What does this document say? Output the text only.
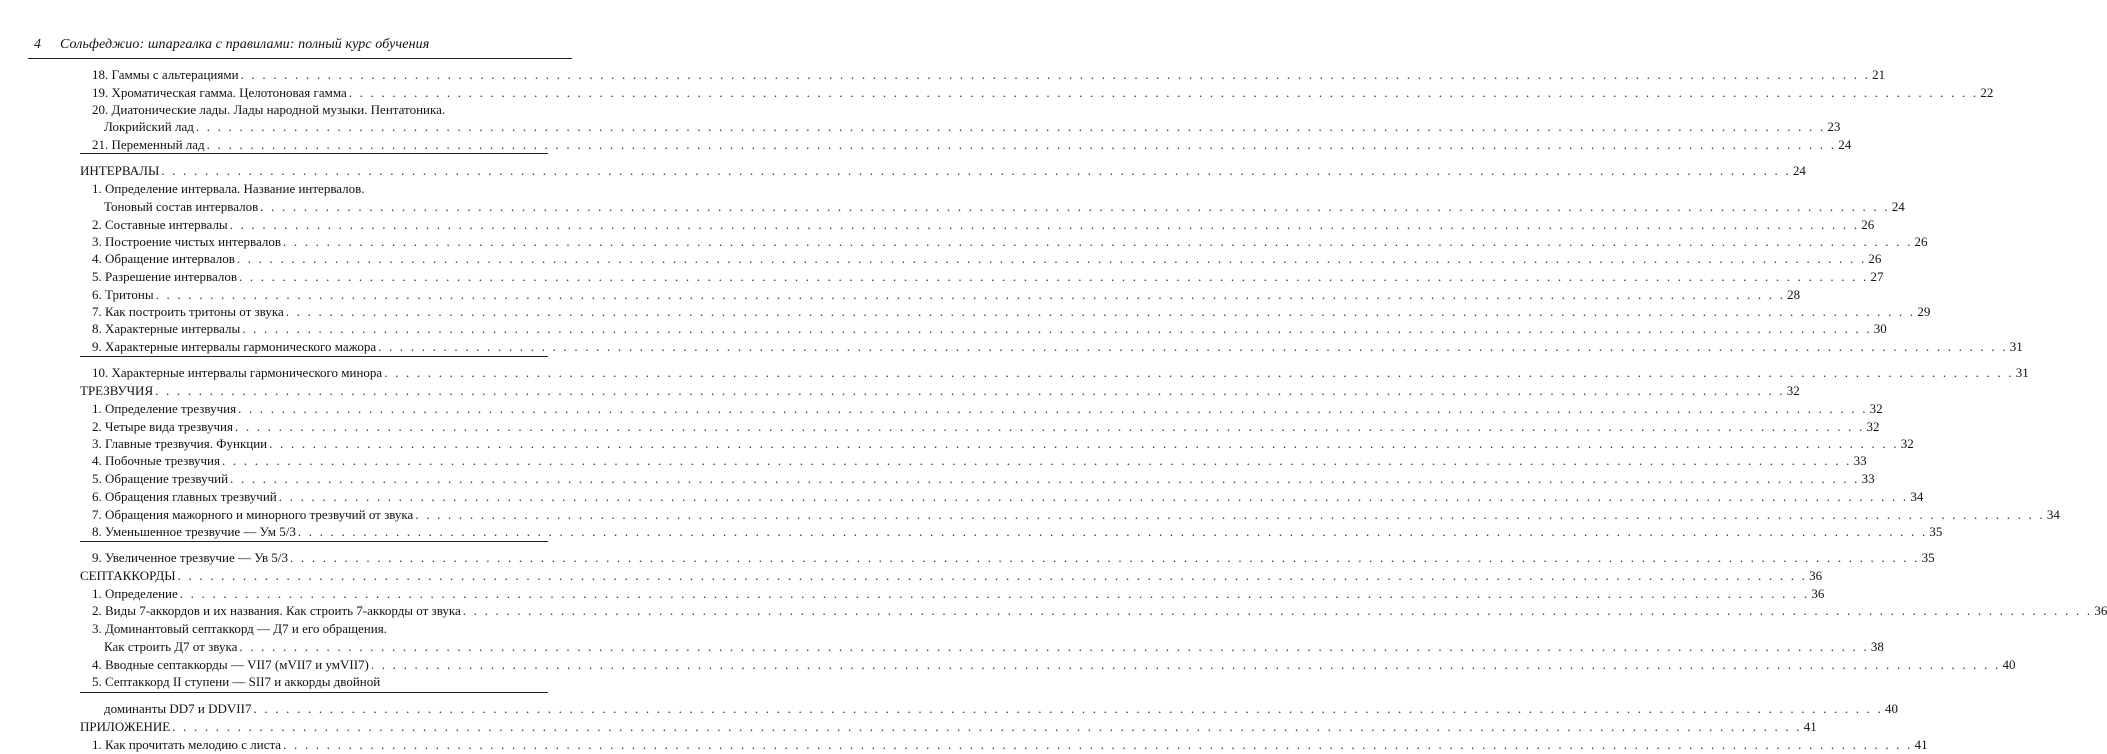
4 Сольфеджио: шпаргалка с правилами: полный курс обучения
18. Гаммы с альтерациями . . . . . . . . . . . . . . . . . . . . . . . . . . . . . . . . . . . . . . . . . . . . . . . . . . . . . . . . . . . . . . . . . . . . . . . . . . . . . . . . . . . . . . . . . . . . . . . . . . . . . . . . . . . . . . . . . . . . . . . . . . . . . . . . . . . . . . . . . . . . . . . . . . . . . . 21
19. Хроматическая гамма. Целотоновая гамма . . . . . . . . . . . . . . . . . . . . . . . . . . . . . . . . . . . . . . . . . . . . . . . . . . . . . . . . . . . . . . . . . . . . . . . . . . . . . . . . . . . . . . . . . . . . . . . . . . . . . . . . . . . . . . . . . . . . . . . . . . . . . . . . . . . . . . . . . . . . . . . . . . . . . . 22
20. Диатонические лады. Лады народной музыки. Пентатоника.
Локрийский лад . . . . . . . . . . . . . . . . . . . . . . . . . . . . . . . . . . . . . . . . . . . . . . . . . . . . . . . . . . . . . . . . . . . . . . . . . . . . . . . . . . . . . . . . . . . . . . . . . . . . . . . . . . . . . . . . . . . . . . . . . . . . . . . . . . . . . . . . . . . . . . . . . . . . . . 23
21. Переменный лад . . . . . . . . . . . . . . . . . . . . . . . . . . . . . . . . . . . . . . . . . . . . . . . . . . . . . . . . . . . . . . . . . . . . . . . . . . . . . . . . . . . . . . . . . . . . . . . . . . . . . . . . . . . . . . . . . . . . . . . . . . . . . . . . . . . . . . . . . . . . . . . . . . . . . . 24
ИНТЕРВАЛЫ . . . . . . . . . . . . . . . . . . . . . . . . . . . . . . . . . . . . . . . . . . . . . . . . . . . . . . . . . . . . . . . . . . . . . . . . . . . . . . . . . . . . . . . . . . . . . . . . . . . . . . . . . . . . . . . . . . . . . . . . . . . . . . . . . . . . . . . . . . . . . . . . . . . . . . 24
1. Определение интервала. Название интервалов.
Тоновый состав интервалов . . . . . . . . . . . . . . . . . . . . . . . . . . . . . . . . . . . . . . . . . . . . . . . . . . . . . . . . . . . . . . . . . . . . . . . . . . . . . . . . . . . . . . . . . . . . . . . . . . . . . . . . . . . . . . . . . . . . . . . . . . . . . . . . . . . . . . . . . . . . . . . . . . . . . . 24
2. Составные интервалы . . . . . . . . . . . . . . . . . . . . . . . . . . . . . . . . . . . . . . . . . . . . . . . . . . . . . . . . . . . . . . . . . . . . . . . . . . . . . . . . . . . . . . . . . . . . . . . . . . . . . . . . . . . . . . . . . . . . . . . . . . . . . . . . . . . . . . . . . . . . . . . . . . . . . . 26
3. Построение чистых интервалов . . . . . . . . . . . . . . . . . . . . . . . . . . . . . . . . . . . . . . . . . . . . . . . . . . . . . . . . . . . . . . . . . . . . . . . . . . . . . . . . . . . . . . . . . . . . . . . . . . . . . . . . . . . . . . . . . . . . . . . . . . . . . . . . . . . . . . . . . . . . . . . . . . . . . . 26
4. Обращение интервалов . . . . . . . . . . . . . . . . . . . . . . . . . . . . . . . . . . . . . . . . . . . . . . . . . . . . . . . . . . . . . . . . . . . . . . . . . . . . . . . . . . . . . . . . . . . . . . . . . . . . . . . . . . . . . . . . . . . . . . . . . . . . . . . . . . . . . . . . . . . . . . . . . . . . . . 26
5. Разрешение интервалов . . . . . . . . . . . . . . . . . . . . . . . . . . . . . . . . . . . . . . . . . . . . . . . . . . . . . . . . . . . . . . . . . . . . . . . . . . . . . . . . . . . . . . . . . . . . . . . . . . . . . . . . . . . . . . . . . . . . . . . . . . . . . . . . . . . . . . . . . . . . . . . . . . . . . . 27
6. Тритоны . . . . . . . . . . . . . . . . . . . . . . . . . . . . . . . . . . . . . . . . . . . . . . . . . . . . . . . . . . . . . . . . . . . . . . . . . . . . . . . . . . . . . . . . . . . . . . . . . . . . . . . . . . . . . . . . . . . . . . . . . . . . . . . . . . . . . . . . . . . . . . . . . . . . . . 28
7. Как построить тритоны от звука . . . . . . . . . . . . . . . . . . . . . . . . . . . . . . . . . . . . . . . . . . . . . . . . . . . . . . . . . . . . . . . . . . . . . . . . . . . . . . . . . . . . . . . . . . . . . . . . . . . . . . . . . . . . . . . . . . . . . . . . . . . . . . . . . . . . . . . . . . . . . . . . . . . . . . 29
8. Характерные интервалы . . . . . . . . . . . . . . . . . . . . . . . . . . . . . . . . . . . . . . . . . . . . . . . . . . . . . . . . . . . . . . . . . . . . . . . . . . . . . . . . . . . . . . . . . . . . . . . . . . . . . . . . . . . . . . . . . . . . . . . . . . . . . . . . . . . . . . . . . . . . . . . . . . . . . . 30
9. Характерные интервалы гармонического мажора . . . . . . . . . . . . . . . . . . . . . . . . . . . . . . . . . . . . . . . . . . . . . . . . . . . . . . . . . . . . . . . . . . . . . . . . . . . . . . . . . . . . . . . . . . . . . . . . . . . . . . . . . . . . . . . . . . . . . . . . . . . . . . . . . . . . . . . . . . . . . . . . . . . . . . 31
10. Характерные интервалы гармонического минора . . . . . . . . . . . . . . . . . . . . . . . . . . . . . . . . . . . . . . . . . . . . . . . . . . . . . . . . . . . . . . . . . . . . . . . . . . . . . . . . . . . . . . . . . . . . . . . . . . . . . . . . . . . . . . . . . . . . . . . . . . . . . . . . . . . . . . . . . . . . . . . . . . . . . . 31
ТРЕЗВУЧИЯ . . . . . . . . . . . . . . . . . . . . . . . . . . . . . . . . . . . . . . . . . . . . . . . . . . . . . . . . . . . . . . . . . . . . . . . . . . . . . . . . . . . . . . . . . . . . . . . . . . . . . . . . . . . . . . . . . . . . . . . . . . . . . . . . . . . . . . . . . . . . . . . . . . . . . . 32
1. Определение трезвучия . . . . . . . . . . . . . . . . . . . . . . . . . . . . . . . . . . . . . . . . . . . . . . . . . . . . . . . . . . . . . . . . . . . . . . . . . . . . . . . . . . . . . . . . . . . . . . . . . . . . . . . . . . . . . . . . . . . . . . . . . . . . . . . . . . . . . . . . . . . . . . . . . . . . . . 32
2. Четыре вида трезвучия . . . . . . . . . . . . . . . . . . . . . . . . . . . . . . . . . . . . . . . . . . . . . . . . . . . . . . . . . . . . . . . . . . . . . . . . . . . . . . . . . . . . . . . . . . . . . . . . . . . . . . . . . . . . . . . . . . . . . . . . . . . . . . . . . . . . . . . . . . . . . . . . . . . . . . 32
3. Главные трезвучия. Функции . . . . . . . . . . . . . . . . . . . . . . . . . . . . . . . . . . . . . . . . . . . . . . . . . . . . . . . . . . . . . . . . . . . . . . . . . . . . . . . . . . . . . . . . . . . . . . . . . . . . . . . . . . . . . . . . . . . . . . . . . . . . . . . . . . . . . . . . . . . . . . . . . . . . . . 32
4. Побочные трезвучия . . . . . . . . . . . . . . . . . . . . . . . . . . . . . . . . . . . . . . . . . . . . . . . . . . . . . . . . . . . . . . . . . . . . . . . . . . . . . . . . . . . . . . . . . . . . . . . . . . . . . . . . . . . . . . . . . . . . . . . . . . . . . . . . . . . . . . . . . . . . . . . . . . . . . . 33
5. Обращение трезвучий . . . . . . . . . . . . . . . . . . . . . . . . . . . . . . . . . . . . . . . . . . . . . . . . . . . . . . . . . . . . . . . . . . . . . . . . . . . . . . . . . . . . . . . . . . . . . . . . . . . . . . . . . . . . . . . . . . . . . . . . . . . . . . . . . . . . . . . . . . . . . . . . . . . . . . 33
6. Обращения главных трезвучий . . . . . . . . . . . . . . . . . . . . . . . . . . . . . . . . . . . . . . . . . . . . . . . . . . . . . . . . . . . . . . . . . . . . . . . . . . . . . . . . . . . . . . . . . . . . . . . . . . . . . . . . . . . . . . . . . . . . . . . . . . . . . . . . . . . . . . . . . . . . . . . . . . . . . . 34
7. Обращения мажорного и минорного трезвучий от звука . . . . . . . . . . . . . . . . . . . . . . . . . . . . . . . . . . . . . . . . . . . . . . . . . . . . . . . . . . . . . . . . . . . . . . . . . . . . . . . . . . . . . . . . . . . . . . . . . . . . . . . . . . . . . . . . . . . . . . . . . . . . . . . . . . . . . . . . . . . . . . . . . . . . . . 34
8. Уменьшенное трезвучие — Ум 5/3 . . . . . . . . . . . . . . . . . . . . . . . . . . . . . . . . . . . . . . . . . . . . . . . . . . . . . . . . . . . . . . . . . . . . . . . . . . . . . . . . . . . . . . . . . . . . . . . . . . . . . . . . . . . . . . . . . . . . . . . . . . . . . . . . . . . . . . . . . . . . . . . . . . . . . . 35
9. Увеличенное трезвучие — Ув 5/3 . . . . . . . . . . . . . . . . . . . . . . . . . . . . . . . . . . . . . . . . . . . . . . . . . . . . . . . . . . . . . . . . . . . . . . . . . . . . . . . . . . . . . . . . . . . . . . . . . . . . . . . . . . . . . . . . . . . . . . . . . . . . . . . . . . . . . . . . . . . . . . . . . . . . . . 35
СЕПТАККОРДЫ . . . . . . . . . . . . . . . . . . . . . . . . . . . . . . . . . . . . . . . . . . . . . . . . . . . . . . . . . . . . . . . . . . . . . . . . . . . . . . . . . . . . . . . . . . . . . . . . . . . . . . . . . . . . . . . . . . . . . . . . . . . . . . . . . . . . . . . . . . . . . . . . . . . . . . 36
1. Определение . . . . . . . . . . . . . . . . . . . . . . . . . . . . . . . . . . . . . . . . . . . . . . . . . . . . . . . . . . . . . . . . . . . . . . . . . . . . . . . . . . . . . . . . . . . . . . . . . . . . . . . . . . . . . . . . . . . . . . . . . . . . . . . . . . . . . . . . . . . . . . . . . . . . . . 36
2. Виды 7-аккордов и их названия. Как строить 7-аккорды от звука . . . . . . . . . . . . . . . . . . . . . . . . . . . . . . . . . . . . . . . . . . . . . . . . . . . . . . . . . . . . . . . . . . . . . . . . . . . . . . . . . . . . . . . . . . . . . . . . . . . . . . . . . . . . . . . . . . . . . . . . . . . . . . . . . . . . . . . . . . . . . . . . . . . . . . 36
3. Доминантовый септаккорд — Д7 и его обращения.
Как строить Д7 от звука . . . . . . . . . . . . . . . . . . . . . . . . . . . . . . . . . . . . . . . . . . . . . . . . . . . . . . . . . . . . . . . . . . . . . . . . . . . . . . . . . . . . . . . . . . . . . . . . . . . . . . . . . . . . . . . . . . . . . . . . . . . . . . . . . . . . . . . . . . . . . . . . . . . . . . 38
4. Вводные септаккорды — VII7 (мVII7 и умVII7) . . . . . . . . . . . . . . . . . . . . . . . . . . . . . . . . . . . . . . . . . . . . . . . . . . . . . . . . . . . . . . . . . . . . . . . . . . . . . . . . . . . . . . . . . . . . . . . . . . . . . . . . . . . . . . . . . . . . . . . . . . . . . . . . . . . . . . . . . . . . . . . . . . . . . . 40
5. Септаккорд II ступени — SII7 и аккорды двойной
доминанты DD7 и DDVII7 . . . . . . . . . . . . . . . . . . . . . . . . . . . . . . . . . . . . . . . . . . . . . . . . . . . . . . . . . . . . . . . . . . . . . . . . . . . . . . . . . . . . . . . . . . . . . . . . . . . . . . . . . . . . . . . . . . . . . . . . . . . . . . . . . . . . . . . . . . . . . . . . . . . . . . 40
ПРИЛОЖЕНИЕ . . . . . . . . . . . . . . . . . . . . . . . . . . . . . . . . . . . . . . . . . . . . . . . . . . . . . . . . . . . . . . . . . . . . . . . . . . . . . . . . . . . . . . . . . . . . . . . . . . . . . . . . . . . . . . . . . . . . . . . . . . . . . . . . . . . . . . . . . . . . . . . . . . . . . . 41
1. Как прочитать мелодию с листа . . . . . . . . . . . . . . . . . . . . . . . . . . . . . . . . . . . . . . . . . . . . . . . . . . . . . . . . . . . . . . . . . . . . . . . . . . . . . . . . . . . . . . . . . . . . . . . . . . . . . . . . . . . . . . . . . . . . . . . . . . . . . . . . . . . . . . . . . . . . . . . . . . . . . . 41
